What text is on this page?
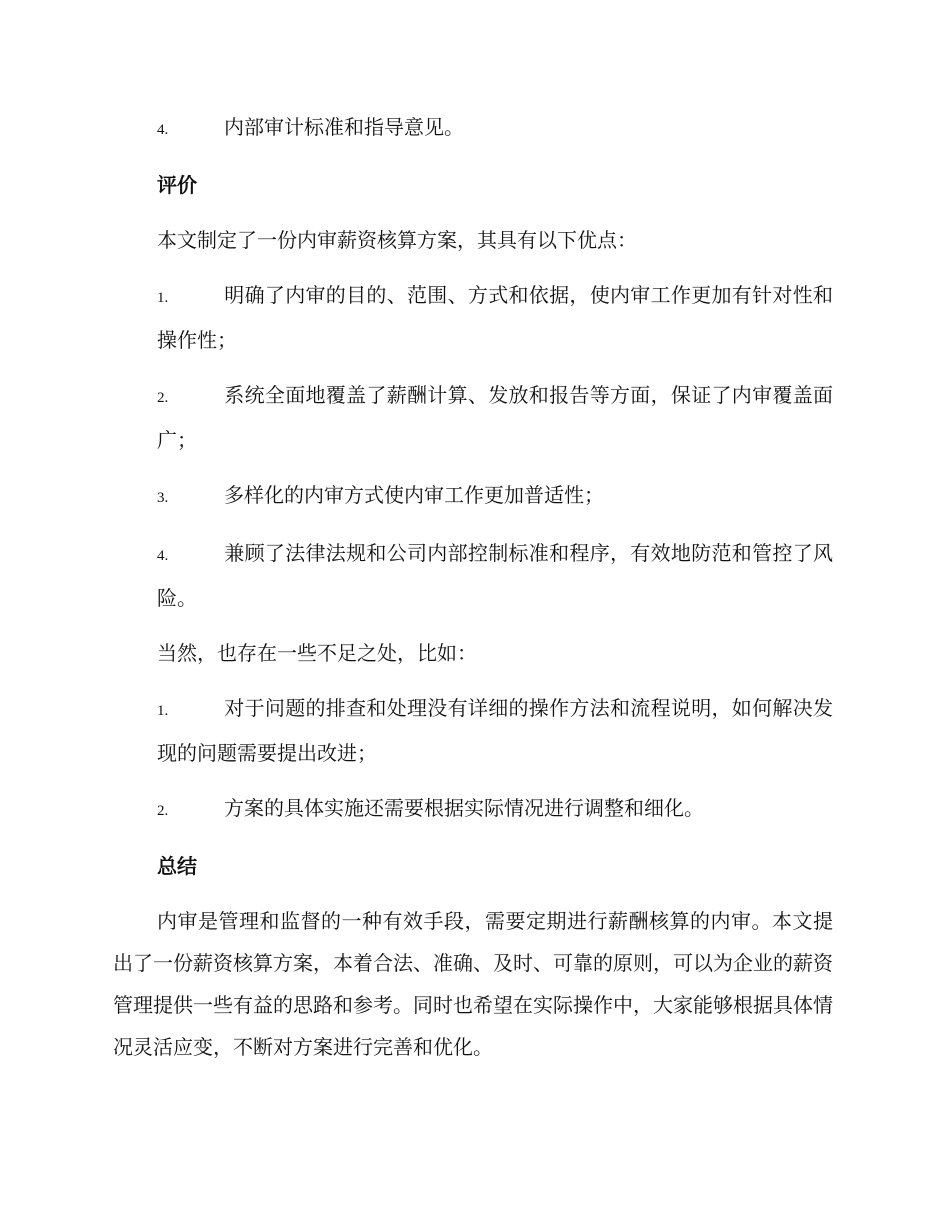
4.	内部审计标准和指导意见。

评价

本文制定了一份内审薪资核算方案，其具有以下优点：

1.	明确了内审的目的、范围、方式和依据，使内审工作更加有针对性和操作性；

2.	系统全面地覆盖了薪酬计算、发放和报告等方面，保证了内审覆盖面广；

3.	多样化的内审方式使内审工作更加普适性；

4.	兼顾了法律法规和公司内部控制标准和程序，有效地防范和管控了风险。

当然，也存在一些不足之处，比如：

1.	对于问题的排查和处理没有详细的操作方法和流程说明，如何解决发现的问题需要提出改进；

2.	方案的具体实施还需要根据实际情况进行调整和细化。

总结

内审是管理和监督的一种有效手段，需要定期进行薪酬核算的内审。本文提出了一份薪资核算方案，本着合法、准确、及时、可靠的原则，可以为企业的薪资管理提供一些有益的思路和参考。同时也希望在实际操作中，大家能够根据具体情况灵活应变，不断对方案进行完善和优化。
